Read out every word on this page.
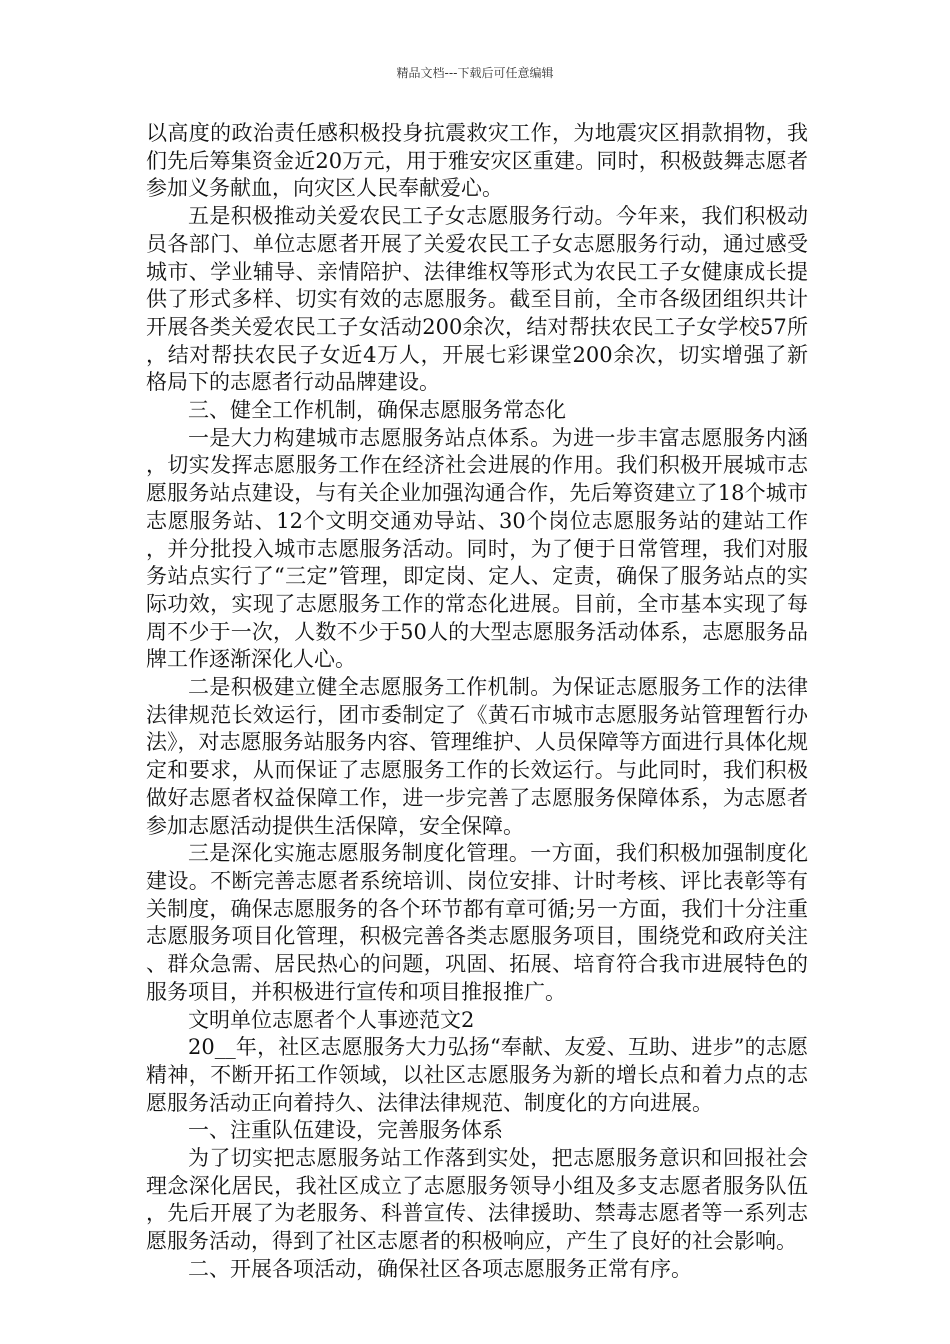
精品文档---下载后可任意编辑

以高度的政治责任感积极投身抗震救灾工作，为地震灾区捐款捐物，我们先后筹集资金近20万元，用于雅安灾区重建。同时，积极鼓舞志愿者参加义务献血，向灾区人民奉献爱心。

五是积极推动关爱农民工子女志愿服务行动。今年来，我们积极动员各部门、单位志愿者开展了关爱农民工子女志愿服务行动，通过感受城市、学业辅导、亲情陪护、法律维权等形式为农民工子女健康成长提供了形式多样、切实有效的志愿服务。截至目前，全市各级团组织共计开展各类关爱农民工子女活动200余次，结对帮扶农民工子女学校57所，结对帮扶农民子女近4万人，开展七彩课堂200余次，切实增强了新格局下的志愿者行动品牌建设。

三、健全工作机制，确保志愿服务常态化

一是大力构建城市志愿服务站点体系。为进一步丰富志愿服务内涵，切实发挥志愿服务工作在经济社会进展的作用。我们积极开展城市志愿服务站点建设，与有关企业加强沟通合作，先后筹资建立了18个城市志愿服务站、12个文明交通劝导站、30个岗位志愿服务站的建站工作，并分批投入城市志愿服务活动。同时，为了便于日常管理，我们对服务站点实行了“三定”管理，即定岗、定人、定责，确保了服务站点的实际功效，实现了志愿服务工作的常态化进展。目前，全市基本实现了每周不少于一次，人数不少于50人的大型志愿服务活动体系，志愿服务品牌工作逐渐深化人心。

二是积极建立健全志愿服务工作机制。为保证志愿服务工作的法律法律规范长效运行，团市委制定了《黄石市城市志愿服务站管理暂行办法》，对志愿服务站服务内容、管理维护、人员保障等方面进行具体化规定和要求，从而保证了志愿服务工作的长效运行。与此同时，我们积极做好志愿者权益保障工作，进一步完善了志愿服务保障体系，为志愿者参加志愿活动提供生活保障，安全保障。

三是深化实施志愿服务制度化管理。一方面，我们积极加强制度化建设。不断完善志愿者系统培训、岗位安排、计时考核、评比表彰等有关制度，确保志愿服务的各个环节都有章可循;另一方面，我们十分注重志愿服务项目化管理，积极完善各类志愿服务项目，围绕党和政府关注、群众急需、居民热心的问题，巩固、拓展、培育符合我市进展特色的服务项目，并积极进行宣传和项目推报推广。

文明单位志愿者个人事迹范文2

20__年，社区志愿服务大力弘扬“奉献、友爱、互助、进步”的志愿精神，不断开拓工作领域，以社区志愿服务为新的增长点和着力点的志愿服务活动正向着持久、法律法律规范、制度化的方向进展。

一、注重队伍建设，完善服务体系

为了切实把志愿服务站工作落到实处，把志愿服务意识和回报社会理念深化居民，我社区成立了志愿服务领导小组及多支志愿者服务队伍，先后开展了为老服务、科普宣传、法律援助、禁毒志愿者等一系列志愿服务活动，得到了社区志愿者的积极响应，产生了良好的社会影响。

二、开展各项活动，确保社区各项志愿服务正常有序。
